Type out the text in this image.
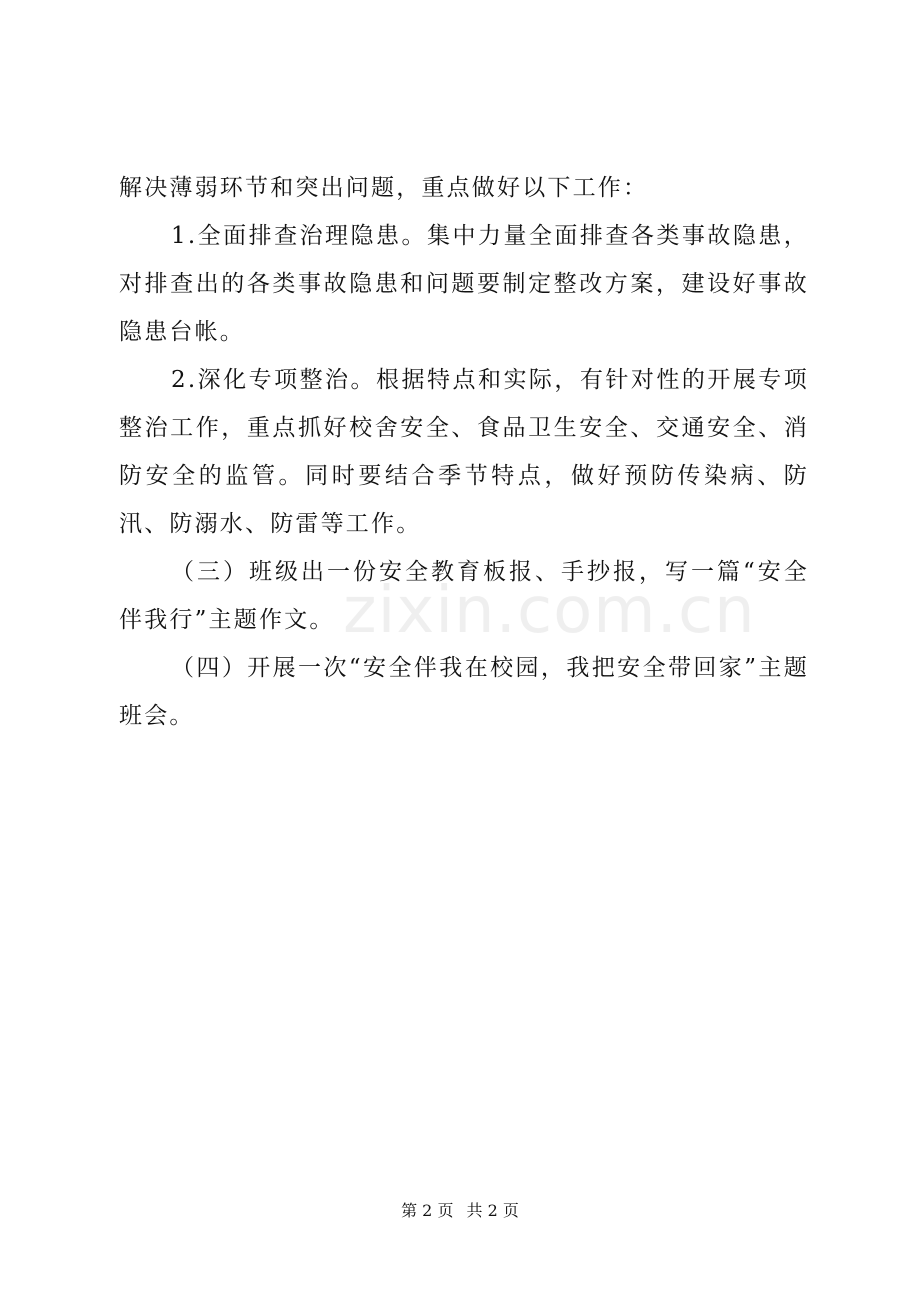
zixin.com.cn

解决薄弱环节和突出问题，重点做好以下工作：

1.全面排查治理隐患。集中力量全面排查各类事故隐患，对排查出的各类事故隐患和问题要制定整改方案，建设好事故隐患台帐。

2.深化专项整治。根据特点和实际，有针对性的开展专项整治工作，重点抓好校舍安全、食品卫生安全、交通安全、消防安全的监管。同时要结合季节特点，做好预防传染病、防汛、防溺水、防雷等工作。

（三）班级出一份安全教育板报、手抄报，写一篇“安全伴我行”主题作文。

（四）开展一次“安全伴我在校园，我把安全带回家”主题班会。

第 2 页 共 2 页
